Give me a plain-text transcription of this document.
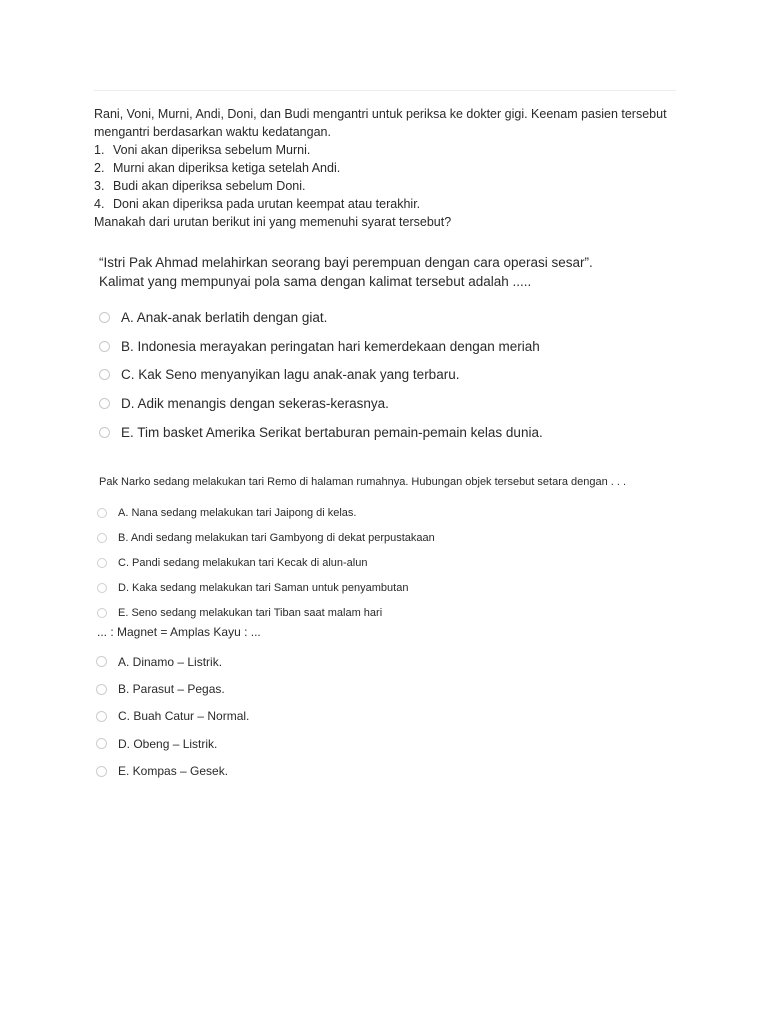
Rani, Voni, Murni, Andi, Doni, dan Budi mengantri untuk periksa ke dokter gigi. Keenam pasien tersebut
mengantri berdasarkan waktu kedatangan.
1. Voni akan diperiksa sebelum Murni.
2. Murni akan diperiksa ketiga setelah Andi.
3. Budi akan diperiksa sebelum Doni.
4. Doni akan diperiksa pada urutan keempat atau terakhir.
Manakah dari urutan berikut ini yang memenuhi syarat tersebut?
“Istri Pak Ahmad melahirkan seorang bayi perempuan dengan cara operasi sesar”.
Kalimat yang mempunyai pola sama dengan kalimat tersebut adalah .....
A. Anak-anak berlatih dengan giat.
B. Indonesia merayakan peringatan hari kemerdekaan dengan meriah
C. Kak Seno menyanyikan lagu anak-anak yang terbaru.
D. Adik menangis dengan sekeras-kerasnya.
E. Tim basket Amerika Serikat bertaburan pemain-pemain kelas dunia.
Pak Narko sedang melakukan tari Remo di halaman rumahnya. Hubungan objek tersebut setara dengan . . .
A. Nana sedang melakukan tari Jaipong di kelas.
B. Andi sedang melakukan tari Gambyong di dekat perpustakaan
C. Pandi sedang melakukan tari Kecak di alun-alun
D. Kaka sedang melakukan tari Saman untuk penyambutan
E. Seno sedang melakukan tari Tiban saat malam hari
... : Magnet = Amplas Kayu : ...
A. Dinamo – Listrik.
B. Parasut – Pegas.
C. Buah Catur – Normal.
D. Obeng – Listrik.
E. Kompas – Gesek.
